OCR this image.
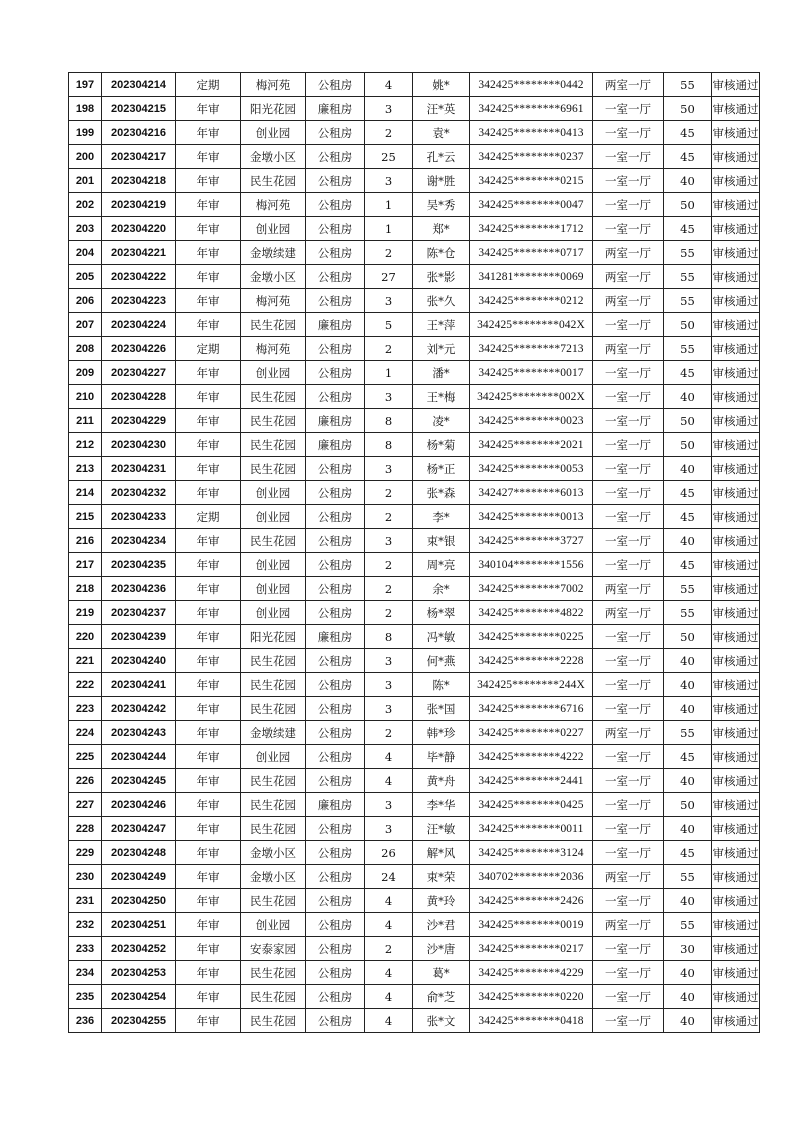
197	202304214	定期	梅河苑	公租房	4	姚*	342425********0442	两室一厅	55	审核通过
198	202304215	年审	阳光花园	廉租房	3	汪*英	342425********6961	一室一厅	50	审核通过
199	202304216	年审	创业园	公租房	2	袁*	342425********0413	一室一厅	45	审核通过
200	202304217	年审	金墩小区	公租房	25	孔*云	342425********0237	一室一厅	45	审核通过
201	202304218	年审	民生花园	公租房	3	谢*胜	342425********0215	一室一厅	40	审核通过
202	202304219	年审	梅河苑	公租房	1	吴*秀	342425********0047	一室一厅	50	审核通过
203	202304220	年审	创业园	公租房	1	郑*	342425********1712	一室一厅	45	审核通过
204	202304221	年审	金墩续建	公租房	2	陈*仓	342425********0717	两室一厅	55	审核通过
205	202304222	年审	金墩小区	公租房	27	张*影	341281********0069	两室一厅	55	审核通过
206	202304223	年审	梅河苑	公租房	3	张*久	342425********0212	两室一厅	55	审核通过
207	202304224	年审	民生花园	廉租房	5	王*萍	342425********042X	一室一厅	50	审核通过
208	202304226	定期	梅河苑	公租房	2	刘*元	342425********7213	两室一厅	55	审核通过
209	202304227	年审	创业园	公租房	1	潘*	342425********0017	一室一厅	45	审核通过
210	202304228	年审	民生花园	公租房	3	王*梅	342425********002X	一室一厅	40	审核通过
211	202304229	年审	民生花园	廉租房	8	凌*	342425********0023	一室一厅	50	审核通过
212	202304230	年审	民生花园	廉租房	8	杨*菊	342425********2021	一室一厅	50	审核通过
213	202304231	年审	民生花园	公租房	3	杨*正	342425********0053	一室一厅	40	审核通过
214	202304232	年审	创业园	公租房	2	张*森	342427********6013	一室一厅	45	审核通过
215	202304233	定期	创业园	公租房	2	李*	342425********0013	一室一厅	45	审核通过
216	202304234	年审	民生花园	公租房	3	束*银	342425********3727	一室一厅	40	审核通过
217	202304235	年审	创业园	公租房	2	周*亮	340104********1556	一室一厅	45	审核通过
218	202304236	年审	创业园	公租房	2	余*	342425********7002	两室一厅	55	审核通过
219	202304237	年审	创业园	公租房	2	杨*翠	342425********4822	两室一厅	55	审核通过
220	202304239	年审	阳光花园	廉租房	8	冯*敏	342425********0225	一室一厅	50	审核通过
221	202304240	年审	民生花园	公租房	3	何*燕	342425********2228	一室一厅	40	审核通过
222	202304241	年审	民生花园	公租房	3	陈*	342425********244X	一室一厅	40	审核通过
223	202304242	年审	民生花园	公租房	3	张*国	342425********6716	一室一厅	40	审核通过
224	202304243	年审	金墩续建	公租房	2	韩*珍	342425********0227	两室一厅	55	审核通过
225	202304244	年审	创业园	公租房	4	毕*静	342425********4222	一室一厅	45	审核通过
226	202304245	年审	民生花园	公租房	4	黄*舟	342425********2441	一室一厅	40	审核通过
227	202304246	年审	民生花园	廉租房	3	李*华	342425********0425	一室一厅	50	审核通过
228	202304247	年审	民生花园	公租房	3	汪*敏	342425********0011	一室一厅	40	审核通过
229	202304248	年审	金墩小区	公租房	26	解*风	342425********3124	一室一厅	45	审核通过
230	202304249	年审	金墩小区	公租房	24	束*荣	340702********2036	两室一厅	55	审核通过
231	202304250	年审	民生花园	公租房	4	黄*玲	342425********2426	一室一厅	40	审核通过
232	202304251	年审	创业园	公租房	4	沙*君	342425********0019	两室一厅	55	审核通过
233	202304252	年审	安泰家园	公租房	2	沙*唐	342425********0217	一室一厅	30	审核通过
234	202304253	年审	民生花园	公租房	4	葛*	342425********4229	一室一厅	40	审核通过
235	202304254	年审	民生花园	公租房	4	俞*芝	342425********0220	一室一厅	40	审核通过
236	202304255	年审	民生花园	公租房	4	张*文	342425********0418	一室一厅	40	审核通过
